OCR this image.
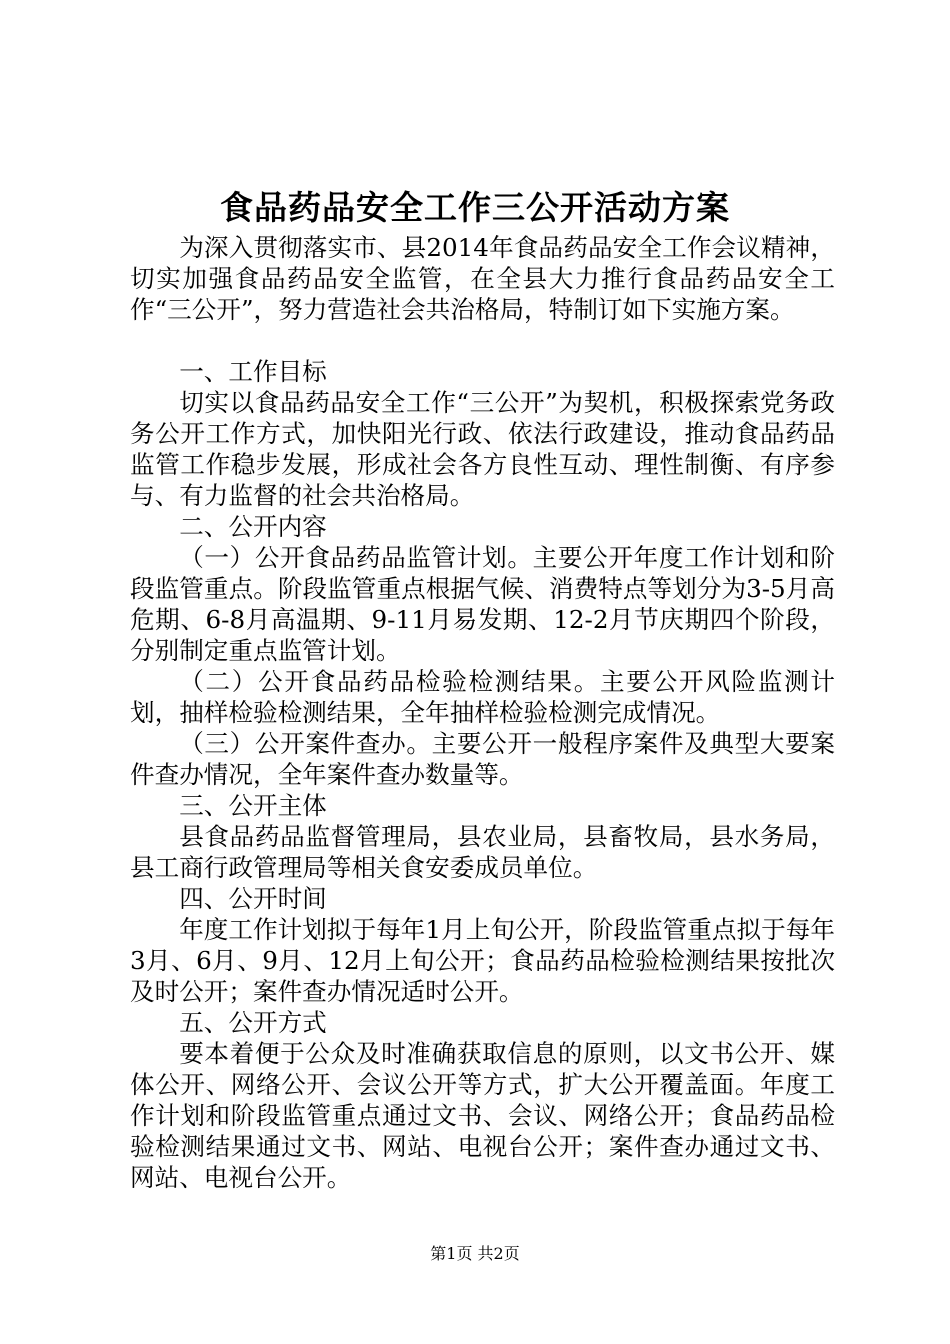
食品药品安全工作三公开活动方案

为深入贯彻落实市、县2014年食品药品安全工作会议精神，切实加强食品药品安全监管，在全县大力推行食品药品安全工作“三公开”，努力营造社会共治格局，特制订如下实施方案。

一、工作目标

切实以食品药品安全工作“三公开”为契机，积极探索党务政务公开工作方式，加快阳光行政、依法行政建设，推动食品药品监管工作稳步发展，形成社会各方良性互动、理性制衡、有序参与、有力监督的社会共治格局。

二、公开内容

（一）公开食品药品监管计划。主要公开年度工作计划和阶段监管重点。阶段监管重点根据气候、消费特点等划分为3-5月高危期、6-8月高温期、9-11月易发期、12-2月节庆期四个阶段，分别制定重点监管计划。

（二）公开食品药品检验检测结果。主要公开风险监测计划，抽样检验检测结果，全年抽样检验检测完成情况。

（三）公开案件查办。主要公开一般程序案件及典型大要案件查办情况，全年案件查办数量等。

三、公开主体

县食品药品监督管理局，县农业局，县畜牧局，县水务局，县工商行政管理局等相关食安委成员单位。

四、公开时间

年度工作计划拟于每年1月上旬公开，阶段监管重点拟于每年3月、6月、9月、12月上旬公开；食品药品检验检测结果按批次及时公开；案件查办情况适时公开。

五、公开方式

要本着便于公众及时准确获取信息的原则，以文书公开、媒体公开、网络公开、会议公开等方式，扩大公开覆盖面。年度工作计划和阶段监管重点通过文书、会议、网络公开；食品药品检验检测结果通过文书、网站、电视台公开；案件查办通过文书、网站、电视台公开。

第1页 共2页
